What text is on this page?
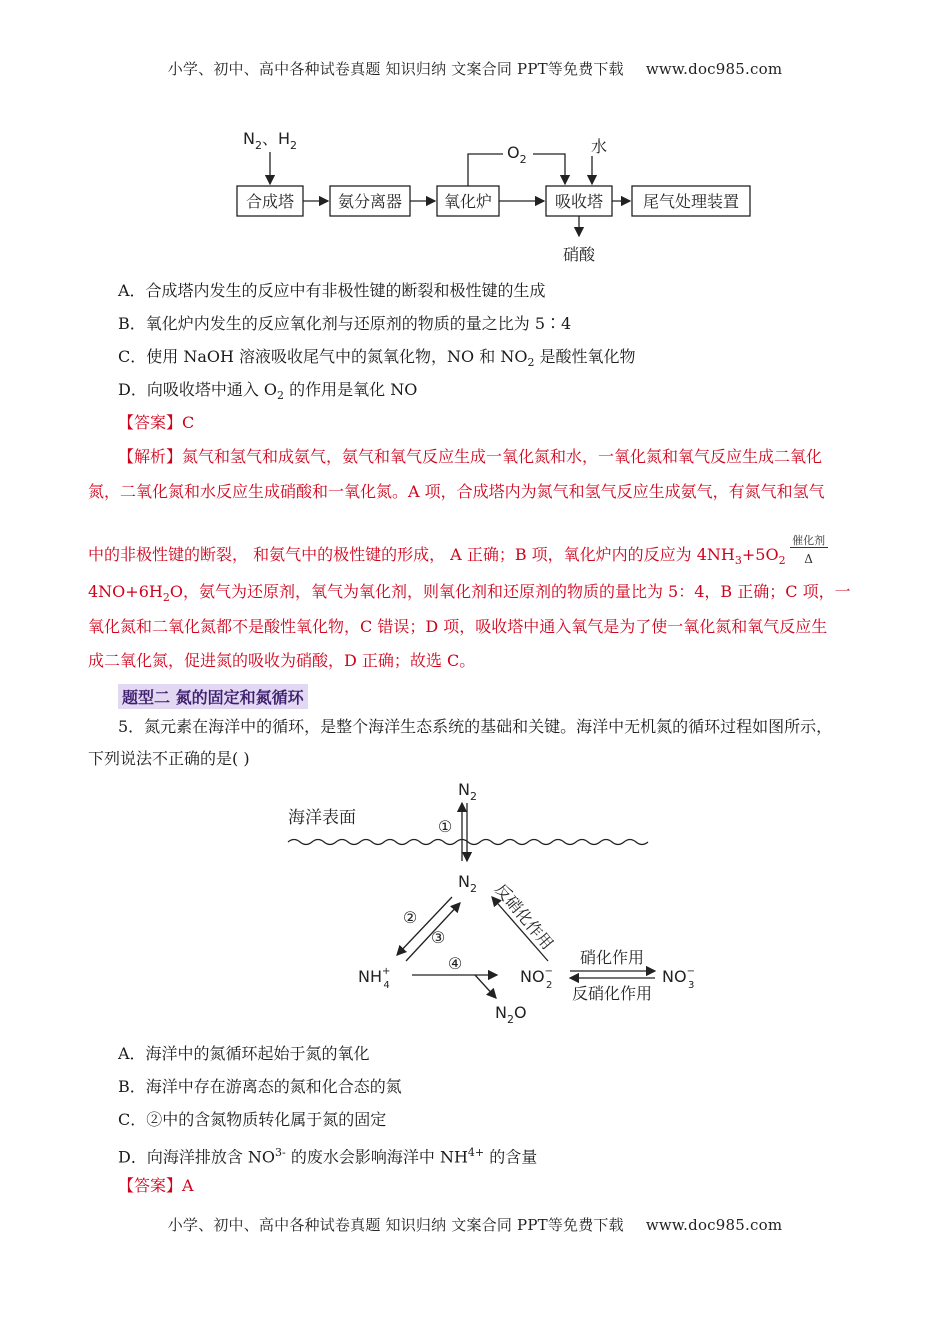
小学、初中、高中各种试卷真题 知识归纳 文案合同 PPT等免费下载 www.doc985.com
$N_2$、$H_2$
合成塔	氨分离器	氧化炉	吸收塔 尾气处理装置
$O_2$
水
硝酸
A．合成塔内发生的反应中有非极性键的断裂和极性键的生成
B．氧化炉内发生的反应氧化剂与还原剂的物质的量之比为 5∶4
C．使用 NaOH 溶液吸收尾气中的氮氧化物，NO 和 $NO_2$ 是酸性氧化物
D．向吸收塔中通入 $O_2$ 的作用是氧化 NO
【答案】C
【解析】氮气和氢气和成氨气，氨气和氧气反应生成一氧化氮和水，一氧化氮和氧气反应生成二氧化
氮，二氧化氮和水反应生成硝酸和一氧化氮。A 项，合成塔内为氮气和氢气反应生成氨气，有氮气和氢气
中的非极性键的断裂， 和氨气中的极性键的形成， A 正确；B 项，氧化炉内的反应为 $4NH_3+5O_2$
催化剂
Δ
$4NO+6H_2O$，氨气为还原剂，氧气为氧化剂，则氧化剂和还原剂的物质的量比为 5：4，B 正确；C 项，一
氧化氮和二氧化氮都不是酸性氧化物，C 错误；D 项，吸收塔中通入氧气是为了使一氧化氮和氧气反应生
成二氧化氮，促进氮的吸收为硝酸，D 正确；故选 C。
题型二 氮的固定和氮循环
5．氮元素在海洋中的循环，是整个海洋生态系统的基础和关键。海洋中无机氮的循环过程如图所示，
下列说法不正确的是( )
$N_2$
海洋表面	①
$N_2$
②
③	反硝化作用
NH+ 4
④
$N_2O$
NO− 2
硝化作用
反硝化作用
NO− 3
A．海洋中的氮循环起始于氮的氧化
B．海洋中存在游离态的氮和化合态的氮
C．②中的含氮物质转化属于氮的固定
D．向海洋排放含 $NO^{3-}$ 的废水会影响海洋中 $NH^{4+}$ 的含量
【答案】A
小学、初中、高中各种试卷真题 知识归纳 文案合同 PPT等免费下载 www.doc985.com
